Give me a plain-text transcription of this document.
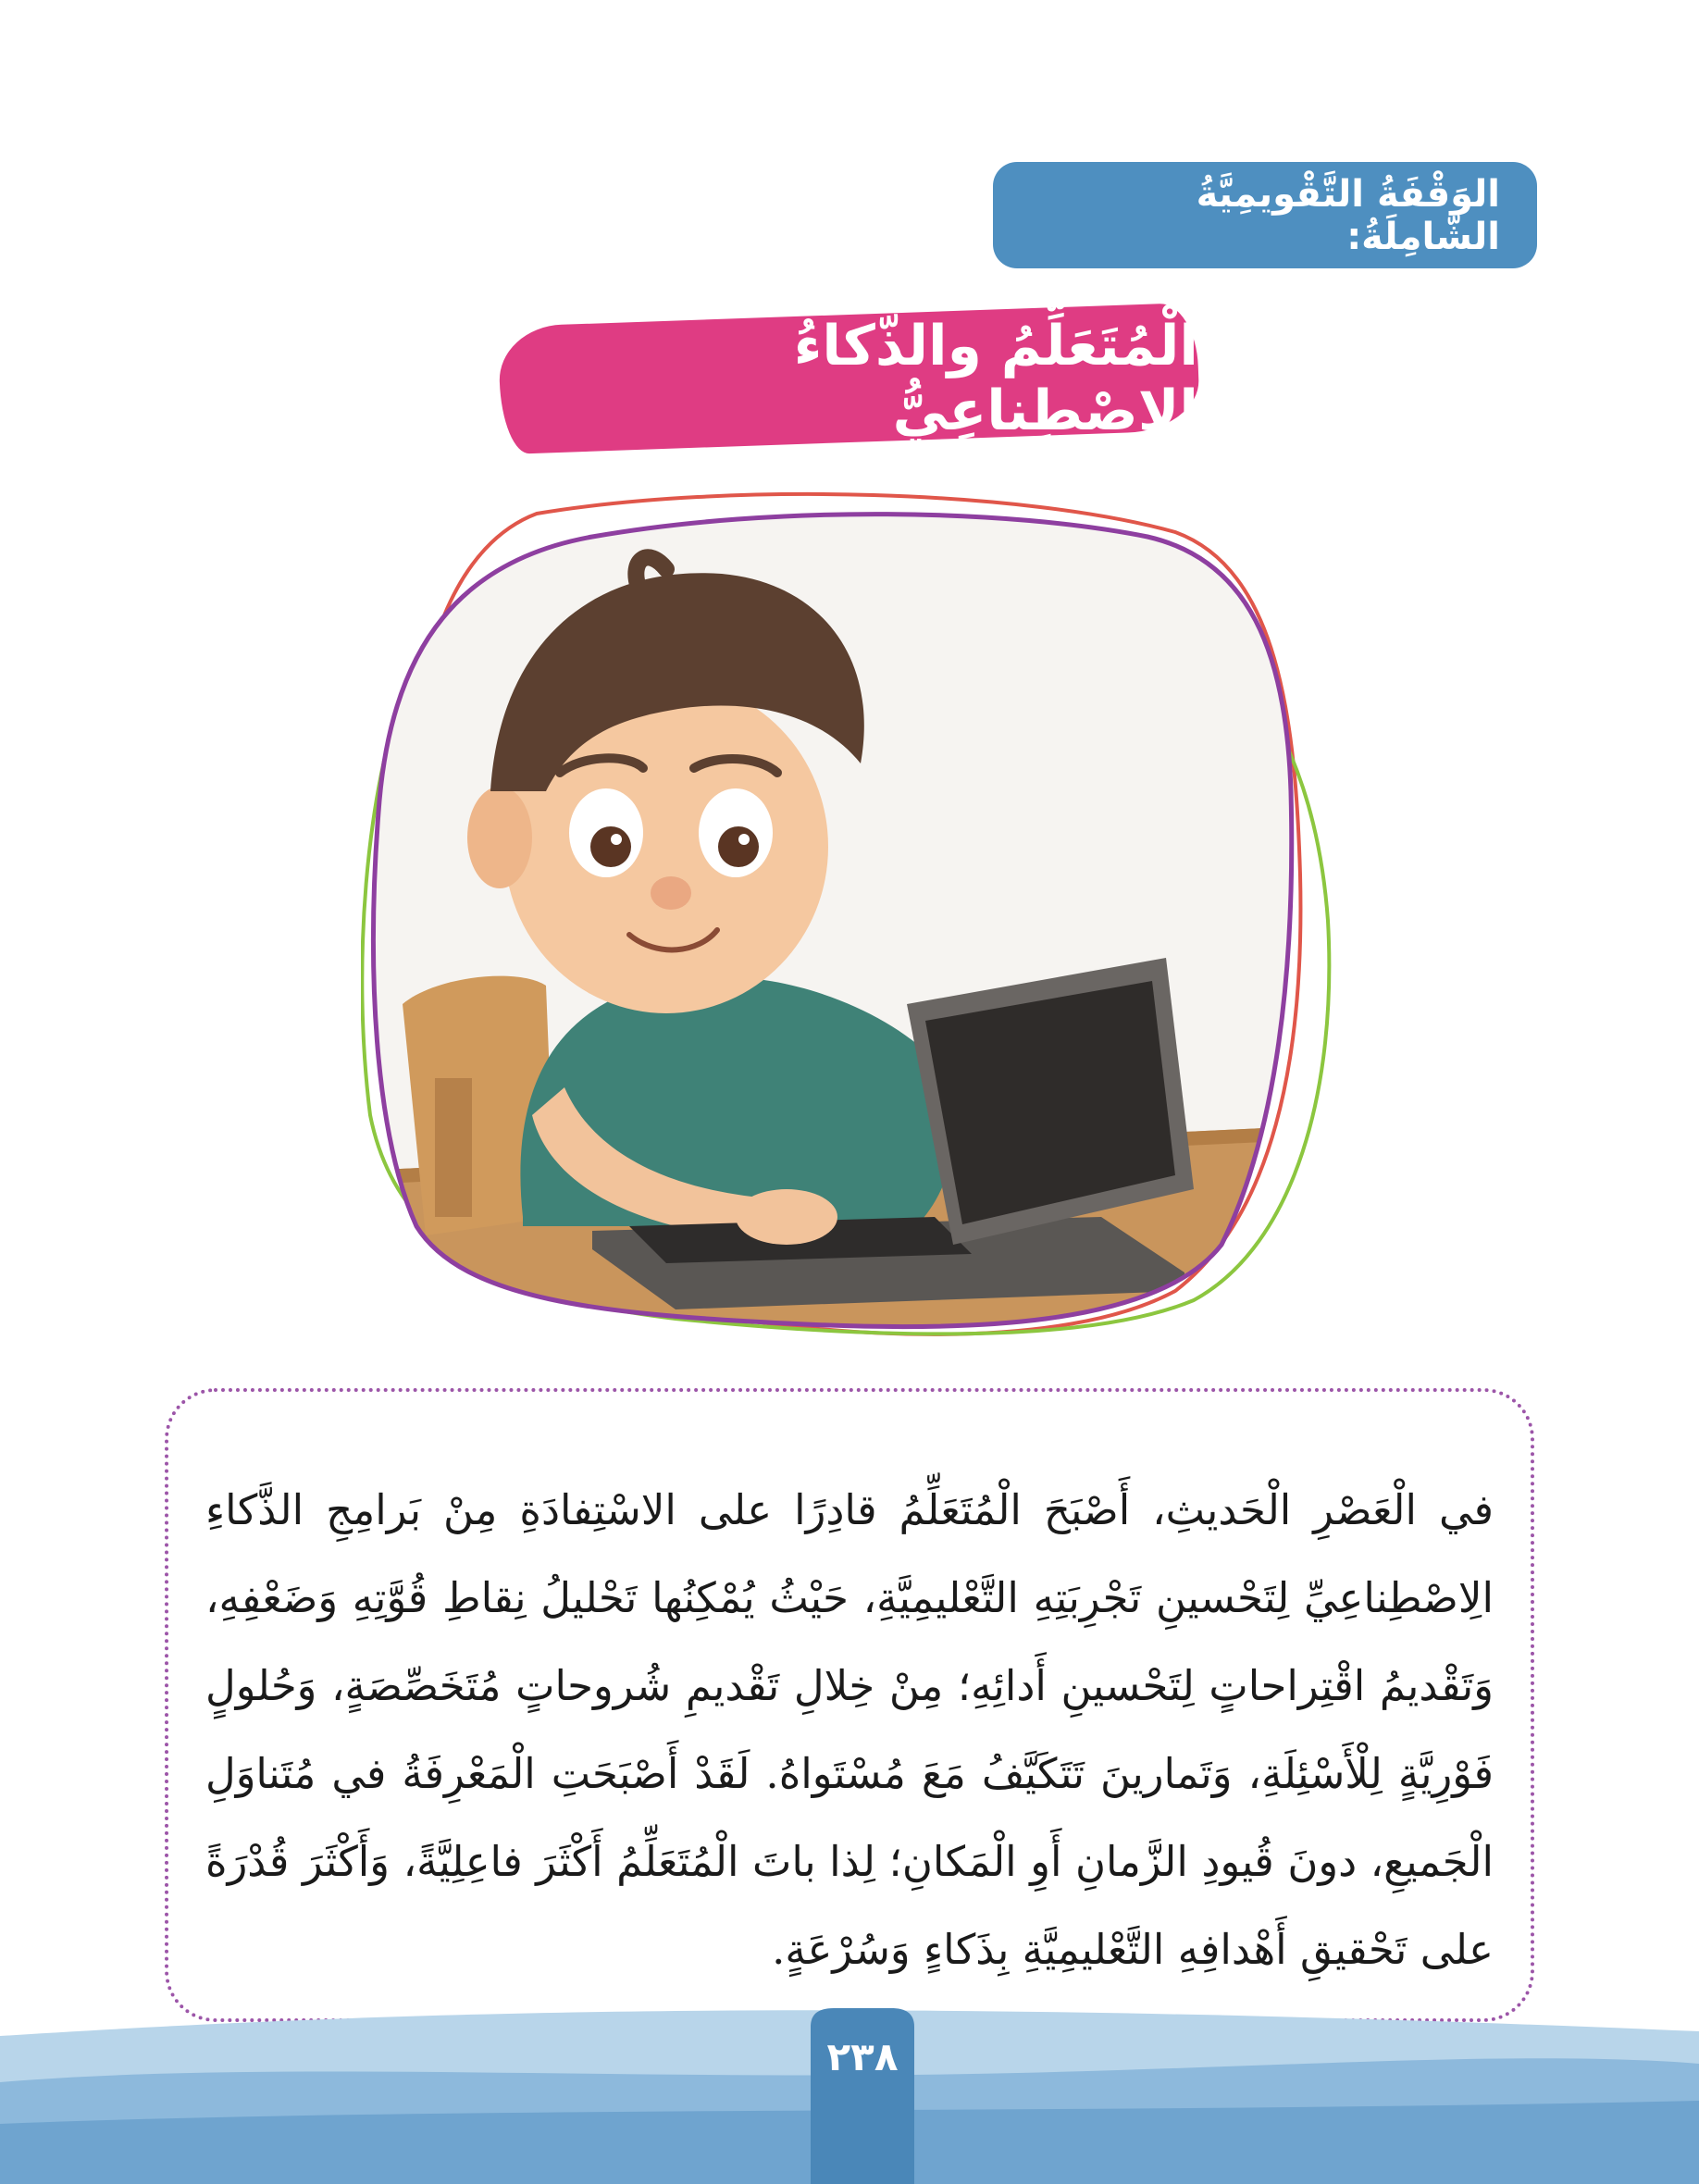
الوَقْفَةُ التَّقْويمِيَّةُ الشّامِلَةُ:
الْمُتَعَلِّمُ والذَّكاءُ الِاصْطِناعِيُّ

في الْعَصْرِ الْحَديثِ، أَصْبَحَ الْمُتَعَلِّمُ قادِرًا على الاسْتِفادَةِ مِنْ بَرامِجِ الذَّكاءِ الِاصْطِناعِيِّ لِتَحْسينِ تَجْرِبَتِهِ التَّعْليمِيَّةِ، حَيْثُ يُمْكِنُها تَحْليلُ نِقاطِ قُوَّتِهِ وَضَعْفِهِ، وَتَقْديمُ اقْتِراحاتٍ لِتَحْسينِ أَدائِهِ؛ مِنْ خِلالِ تَقْديمِ شُروحاتٍ مُتَخَصِّصَةٍ، وَحُلولٍ فَوْرِيَّةٍ لِلْأَسْئِلَةِ، وَتَمارينَ تَتَكَيَّفُ مَعَ مُسْتَواهُ. لَقَدْ أَصْبَحَتِ الْمَعْرِفَةُ في مُتَناوَلِ الْجَميعِ، دونَ قُيودِ الزَّمانِ أَوِ الْمَكانِ؛ لِذا باتَ الْمُتَعَلِّمُ أَكْثَرَ فاعِلِيَّةً، وَأَكْثَرَ قُدْرَةً على تَحْقيقِ أَهْدافِهِ التَّعْليمِيَّةِ بِذَكاءٍ وَسُرْعَةٍ.

٢٣٨
